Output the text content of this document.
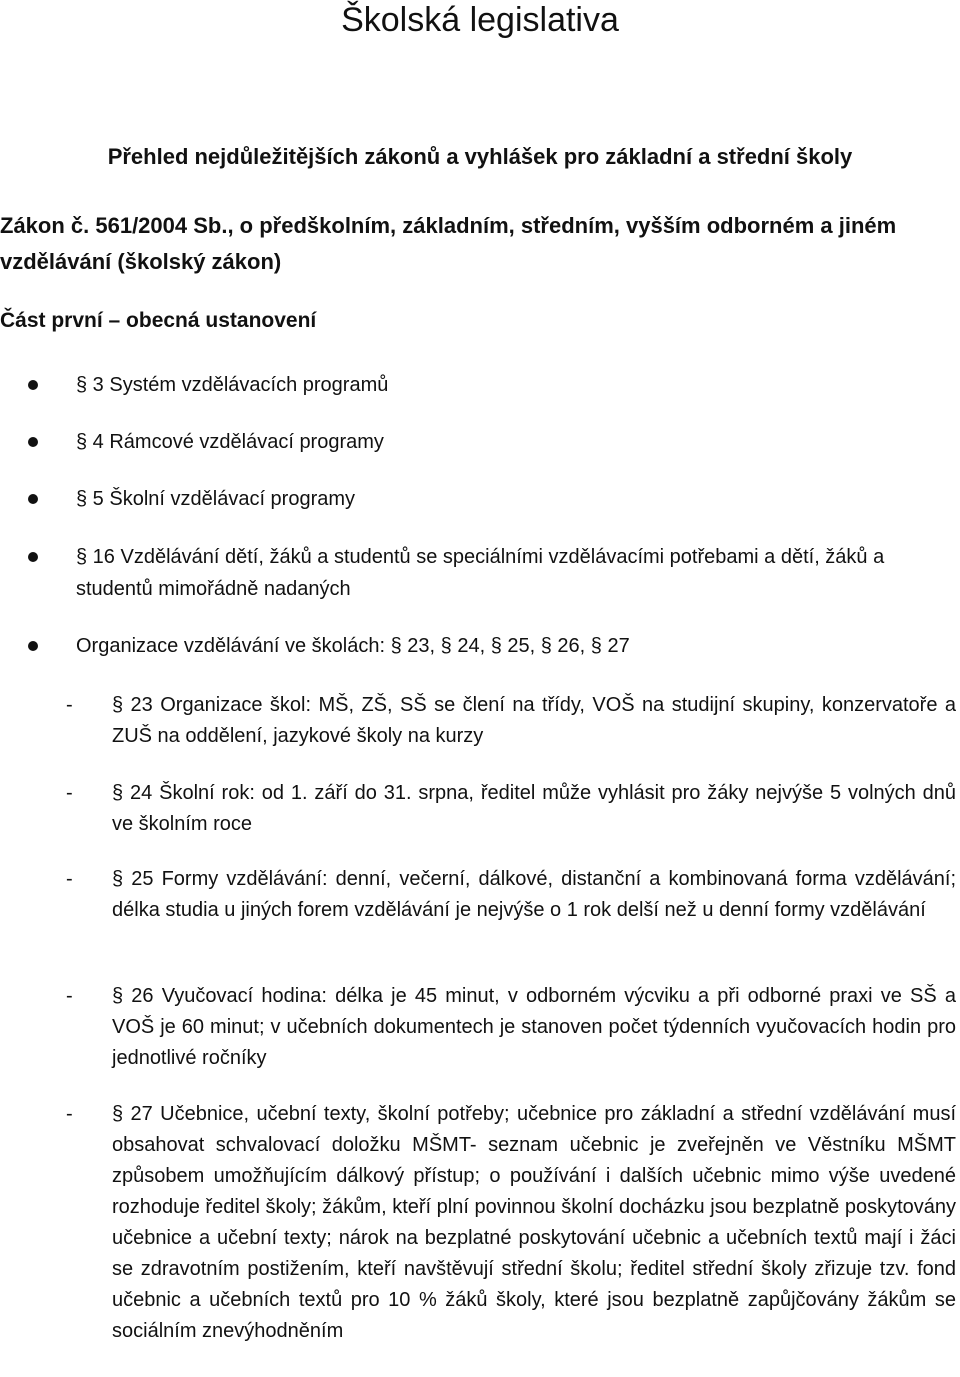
Školská legislativa
Přehled nejdůležitějších zákonů a vyhlášek pro základní a střední školy

Zákon č. 561/2004 Sb., o předškolním, základním, středním, vyšším odborném a jiném vzdělávání (školský zákon)

Část první – obecná ustanovení

§ 3 Systém vzdělávacích programů
§ 4 Rámcové vzdělávací programy
§ 5 Školní vzdělávací programy
§ 16 Vzdělávání dětí, žáků a studentů se speciálními vzdělávacími potřebami a dětí, žáků a studentů mimořádně nadaných
Organizace vzdělávání ve školách: § 23, § 24, § 25, § 26, § 27
- § 23 Organizace škol: MŠ, ZŠ, SŠ se člení na třídy, VOŠ na studijní skupiny, konzervatoře a ZUŠ na oddělení, jazykové školy na kurzy
- § 24 Školní rok: od 1. září do 31. srpna, ředitel může vyhlásit pro žáky nejvýše 5 volných dnů ve školním roce
- § 25 Formy vzdělávání: denní, večerní, dálkové, distanční a kombinovaná forma vzdělávání; délka studia u jiných forem vzdělávání je nejvýše o 1 rok delší než u denní formy vzdělávání
- § 26 Vyučovací hodina: délka je 45 minut, v odborném výcviku a při odborné praxi ve SŠ a VOŠ je 60 minut; v učebních dokumentech je stanoven počet týdenních vyučovacích hodin pro jednotlivé ročníky
- § 27 Učebnice, učební texty, školní potřeby; učebnice pro základní a střední vzdělávání musí obsahovat schvalovací doložku MŠMT- seznam učebnic je zveřejněn ve Věstníku MŠMT způsobem umožňujícím dálkový přístup; o používání i dalších učebnic mimo výše uvedené rozhoduje ředitel školy; žákům, kteří plní povinnou školní docházku jsou bezplatně poskytovány učebnice a učební texty; nárok na bezplatné poskytování učebnic a učebních textů mají i žáci se zdravotním postižením, kteří navštěvují střední školu; ředitel střední školy zřizuje tzv. fond učebnic a učebních textů pro 10 % žáků školy, které jsou bezplatně zapůjčovány žákům se sociálním znevýhodněním
